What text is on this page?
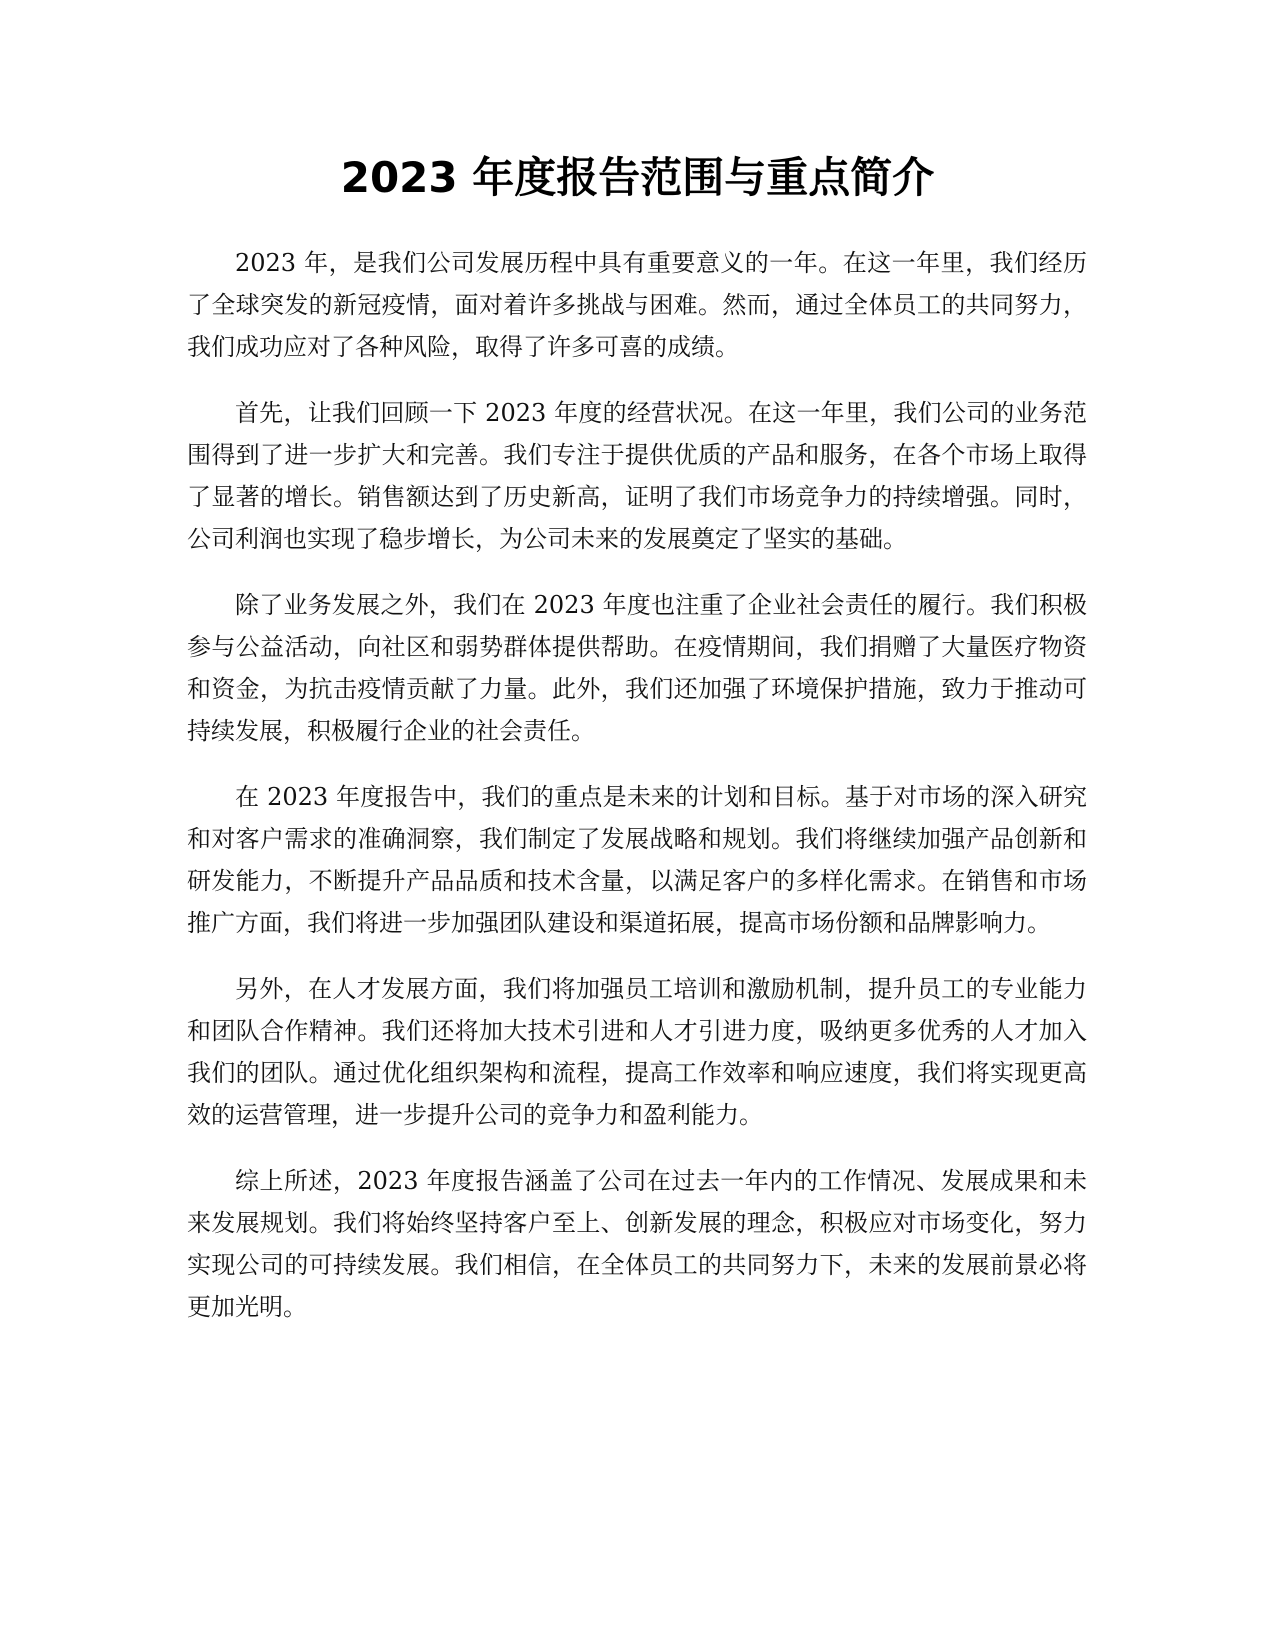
2023 年度报告范围与重点简介

2023 年，是我们公司发展历程中具有重要意义的一年。在这一年里，我们经历了全球突发的新冠疫情，面对着许多挑战与困难。然而，通过全体员工的共同努力，我们成功应对了各种风险，取得了许多可喜的成绩。

首先，让我们回顾一下 2023 年度的经营状况。在这一年里，我们公司的业务范围得到了进一步扩大和完善。我们专注于提供优质的产品和服务，在各个市场上取得了显著的增长。销售额达到了历史新高，证明了我们市场竞争力的持续增强。同时，公司利润也实现了稳步增长，为公司未来的发展奠定了坚实的基础。

除了业务发展之外，我们在 2023 年度也注重了企业社会责任的履行。我们积极参与公益活动，向社区和弱势群体提供帮助。在疫情期间，我们捐赠了大量医疗物资和资金，为抗击疫情贡献了力量。此外，我们还加强了环境保护措施，致力于推动可持续发展，积极履行企业的社会责任。

在 2023 年度报告中，我们的重点是未来的计划和目标。基于对市场的深入研究和对客户需求的准确洞察，我们制定了发展战略和规划。我们将继续加强产品创新和研发能力，不断提升产品品质和技术含量，以满足客户的多样化需求。在销售和市场推广方面，我们将进一步加强团队建设和渠道拓展，提高市场份额和品牌影响力。

另外，在人才发展方面，我们将加强员工培训和激励机制，提升员工的专业能力和团队合作精神。我们还将加大技术引进和人才引进力度，吸纳更多优秀的人才加入我们的团队。通过优化组织架构和流程，提高工作效率和响应速度，我们将实现更高效的运营管理，进一步提升公司的竞争力和盈利能力。

综上所述，2023 年度报告涵盖了公司在过去一年内的工作情况、发展成果和未来发展规划。我们将始终坚持客户至上、创新发展的理念，积极应对市场变化，努力实现公司的可持续发展。我们相信，在全体员工的共同努力下，未来的发展前景必将更加光明。
